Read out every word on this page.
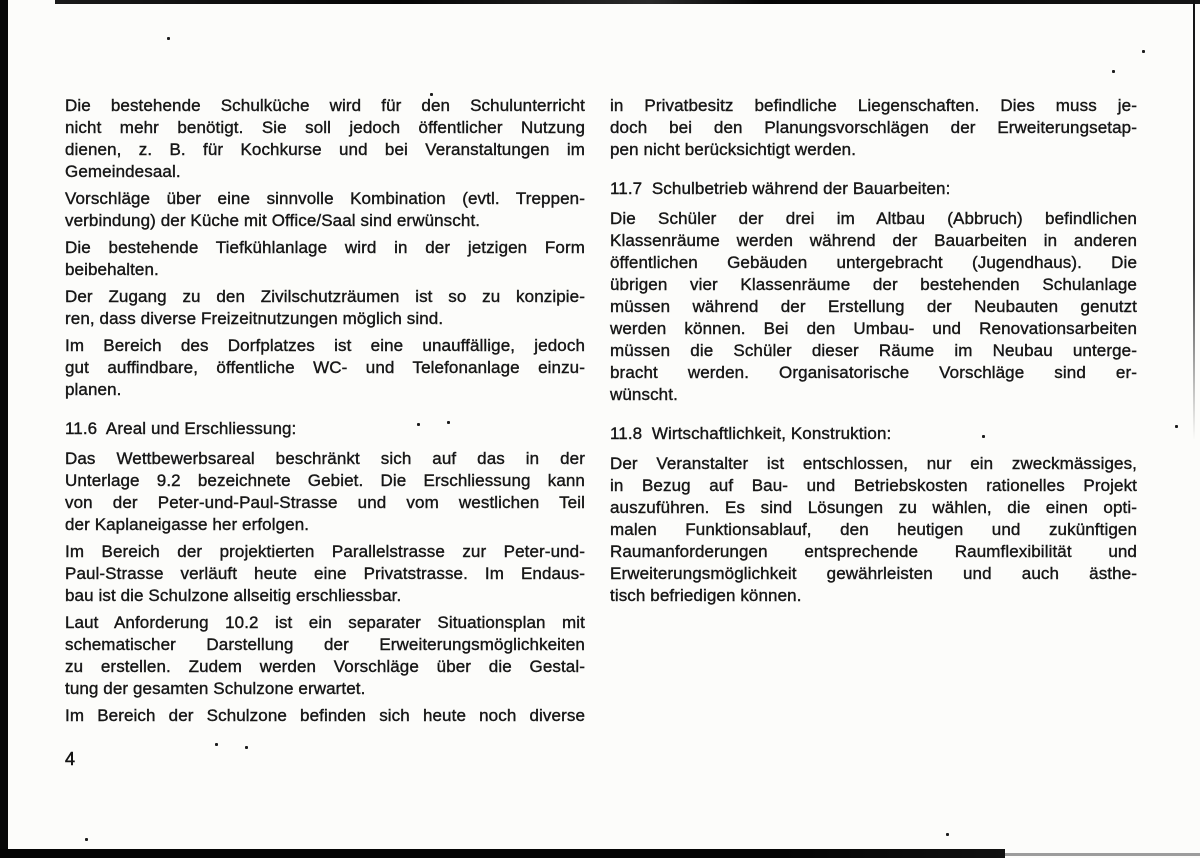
Die bestehende Schulküche wird für den Schulunterricht
nicht mehr benötigt. Sie soll jedoch öffentlicher Nutzung
dienen, z. B. für Kochkurse und bei Veranstaltungen im
Gemeindesaal.
Vorschläge über eine sinnvolle Kombination (evtl. Treppen-
verbindung) der Küche mit Office/Saal sind erwünscht.
Die bestehende Tiefkühlanlage wird in der jetzigen Form
beibehalten.
Der Zugang zu den Zivilschutzräumen ist so zu konzipie-
ren, dass diverse Freizeitnutzungen möglich sind.
Im Bereich des Dorfplatzes ist eine unauffällige, jedoch
gut auffindbare, öffentliche WC- und Telefonanlage einzu-
planen.
11.6  Areal und Erschliessung:
Das Wettbewerbsareal beschränkt sich auf das in der
Unterlage 9.2 bezeichnete Gebiet. Die Erschliessung kann
von der Peter-und-Paul-Strasse und vom westlichen Teil
der Kaplaneigasse her erfolgen.
Im Bereich der projektierten Parallelstrasse zur Peter-und-
Paul-Strasse verläuft heute eine Privatstrasse. Im Endaus-
bau ist die Schulzone allseitig erschliessbar.
Laut Anforderung 10.2 ist ein separater Situationsplan mit
schematischer Darstellung der Erweiterungsmöglichkeiten
zu erstellen. Zudem werden Vorschläge über die Gestal-
tung der gesamten Schulzone erwartet.
Im Bereich der Schulzone befinden sich heute noch diverse
in Privatbesitz befindliche Liegenschaften. Dies muss je-
doch bei den Planungsvorschlägen der Erweiterungsetap-
pen nicht berücksichtigt werden.
11.7  Schulbetrieb während der Bauarbeiten:
Die Schüler der drei im Altbau (Abbruch) befindlichen
Klassenräume werden während der Bauarbeiten in anderen
öffentlichen Gebäuden untergebracht (Jugendhaus). Die
übrigen vier Klassenräume der bestehenden Schulanlage
müssen während der Erstellung der Neubauten genutzt
werden können. Bei den Umbau- und Renovationsarbeiten
müssen die Schüler dieser Räume im Neubau unterge-
bracht werden. Organisatorische Vorschläge sind er-
wünscht.
11.8  Wirtschaftlichkeit, Konstruktion:
Der Veranstalter ist entschlossen, nur ein zweckmässiges,
in Bezug auf Bau- und Betriebskosten rationelles Projekt
auszuführen. Es sind Lösungen zu wählen, die einen opti-
malen Funktionsablauf, den heutigen und zukünftigen
Raumanforderungen entsprechende Raumflexibilität und
Erweiterungsmöglichkeit gewährleisten und auch ästhe-
tisch befriedigen können.
4
